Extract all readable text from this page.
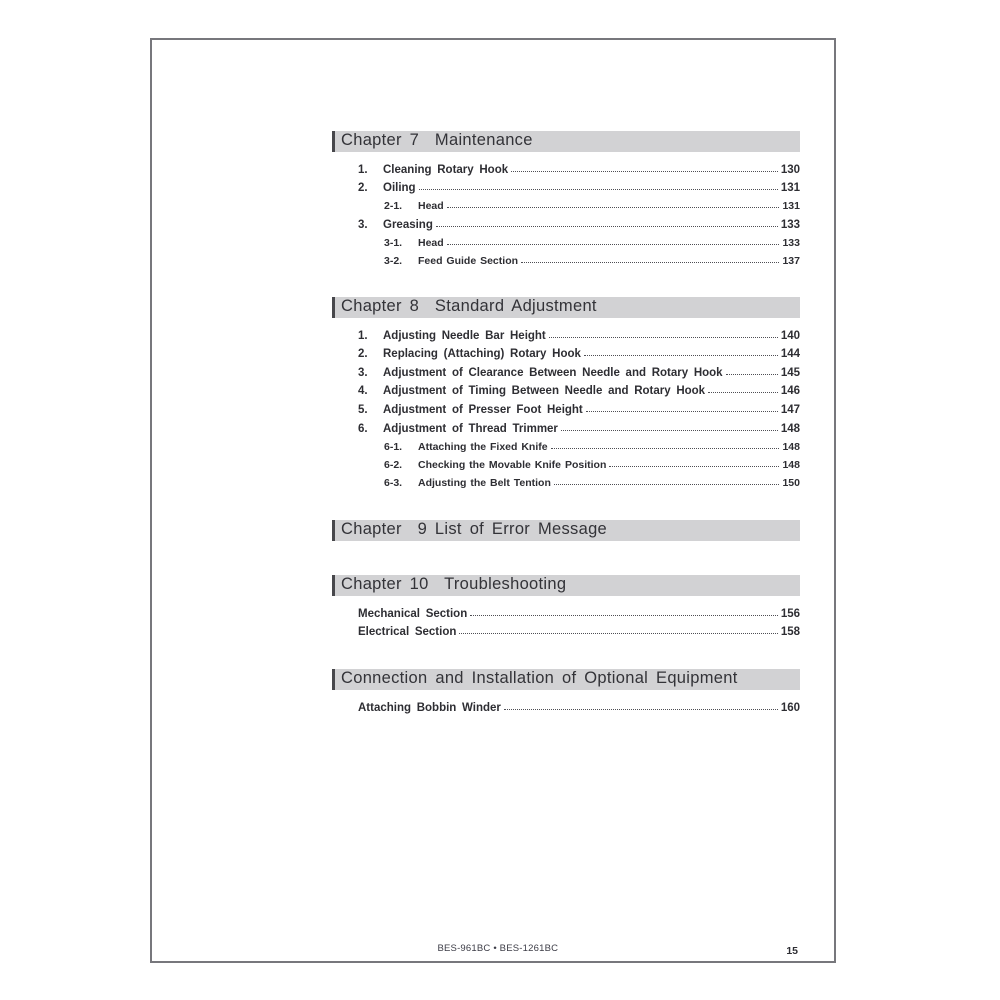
Chapter 7  Maintenance
1.	Cleaning Rotary Hook	130
2.	Oiling	131
2-1.	Head	131
3.	Greasing	133
3-1.	Head	133
3-2.	Feed Guide Section	137
Chapter 8  Standard Adjustment
1.	Adjusting Needle Bar Height	140
2.	Replacing (Attaching) Rotary Hook	144
3.	Adjustment of Clearance Between Needle and Rotary Hook	145
4.	Adjustment of Timing Between Needle and Rotary Hook	146
5.	Adjustment of Presser Foot Height	147
6.	Adjustment of Thread Trimmer	148
6-1.	Attaching the Fixed Knife	148
6-2.	Checking the Movable Knife Position	148
6-3.	Adjusting the Belt Tention	150
Chapter  9 List of Error Message
Chapter 10  Troubleshooting
Mechanical Section	156
Electrical Section	158
Connection and Installation of Optional Equipment
Attaching Bobbin Winder	160
BES-961BC • BES-1261BC	15
